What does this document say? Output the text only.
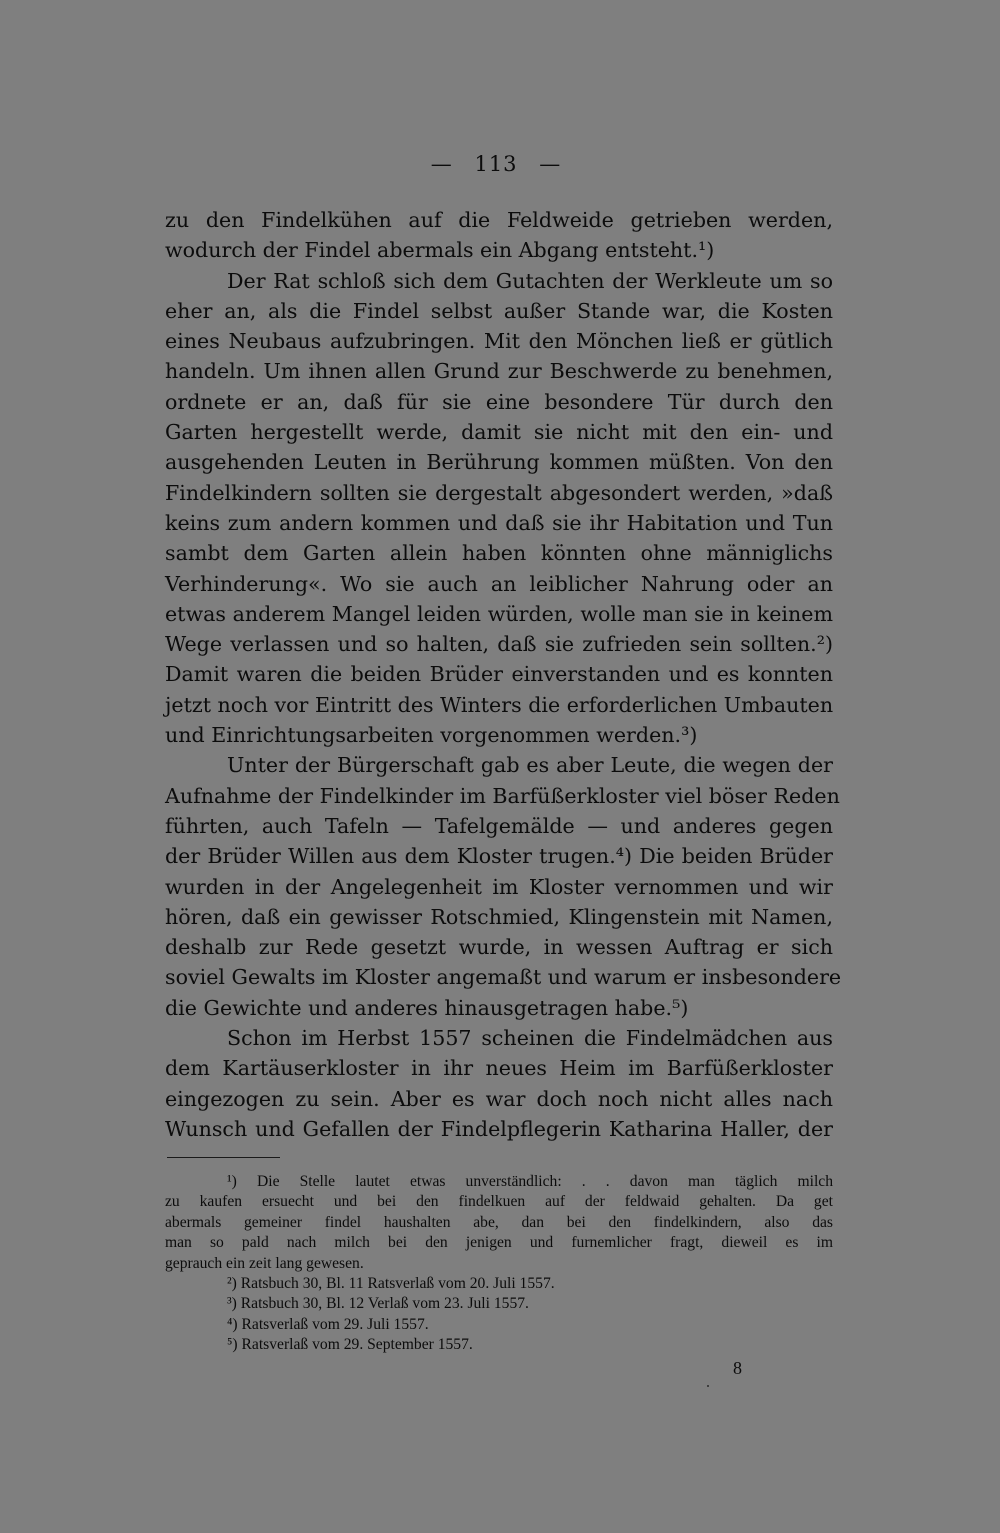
— 113 —
zu den Findelkühen auf die Feldweide getrieben werden,
wodurch der Findel abermals ein Abgang entsteht.¹)
Der Rat schloß sich dem Gutachten der Werkleute um so
eher an, als die Findel selbst außer Stande war, die Kosten
eines Neubaus aufzubringen. Mit den Mönchen ließ er gütlich
handeln. Um ihnen allen Grund zur Beschwerde zu benehmen,
ordnete er an, daß für sie eine besondere Tür durch den
Garten hergestellt werde, damit sie nicht mit den ein- und
ausgehenden Leuten in Berührung kommen müßten. Von den
Findelkindern sollten sie dergestalt abgesondert werden, »daß
keins zum andern kommen und daß sie ihr Habitation und Tun
sambt dem Garten allein haben könnten ohne männiglichs
Verhinderung«. Wo sie auch an leiblicher Nahrung oder an
etwas anderem Mangel leiden würden, wolle man sie in keinem
Wege verlassen und so halten, daß sie zufrieden sein sollten.²)
Damit waren die beiden Brüder einverstanden und es konnten
jetzt noch vor Eintritt des Winters die erforderlichen Umbauten
und Einrichtungsarbeiten vorgenommen werden.³)
Unter der Bürgerschaft gab es aber Leute, die wegen der
Aufnahme der Findelkinder im Barfüßerkloster viel böser Reden
führten, auch Tafeln — Tafelgemälde — und anderes gegen
der Brüder Willen aus dem Kloster trugen.⁴) Die beiden Brüder
wurden in der Angelegenheit im Kloster vernommen und wir
hören, daß ein gewisser Rotschmied, Klingenstein mit Namen,
deshalb zur Rede gesetzt wurde, in wessen Auftrag er sich
soviel Gewalts im Kloster angemaßt und warum er insbesondere
die Gewichte und anderes hinausgetragen habe.⁵)
Schon im Herbst 1557 scheinen die Findelmädchen aus
dem Kartäuserkloster in ihr neues Heim im Barfüßerkloster
eingezogen zu sein. Aber es war doch noch nicht alles nach
Wunsch und Gefallen der Findelpflegerin Katharina Haller, der
¹) Die Stelle lautet etwas unverständlich: . . davon man täglich milch
zu kaufen ersuecht und bei den findelkuen auf der feldwaid gehalten. Da get
abermals gemeiner findel haushalten abe, dan bei den findelkindern, also das
man so pald nach milch bei den jenigen und furnemlicher fragt, dieweil es im
geprauch ein zeit lang gewesen.
²) Ratsbuch 30, Bl. 11 Ratsverlaß vom 20. Juli 1557.
³) Ratsbuch 30, Bl. 12 Verlaß vom 23. Juli 1557.
⁴) Ratsverlaß vom 29. Juli 1557.
⁵) Ratsverlaß vom 29. September 1557.
8
